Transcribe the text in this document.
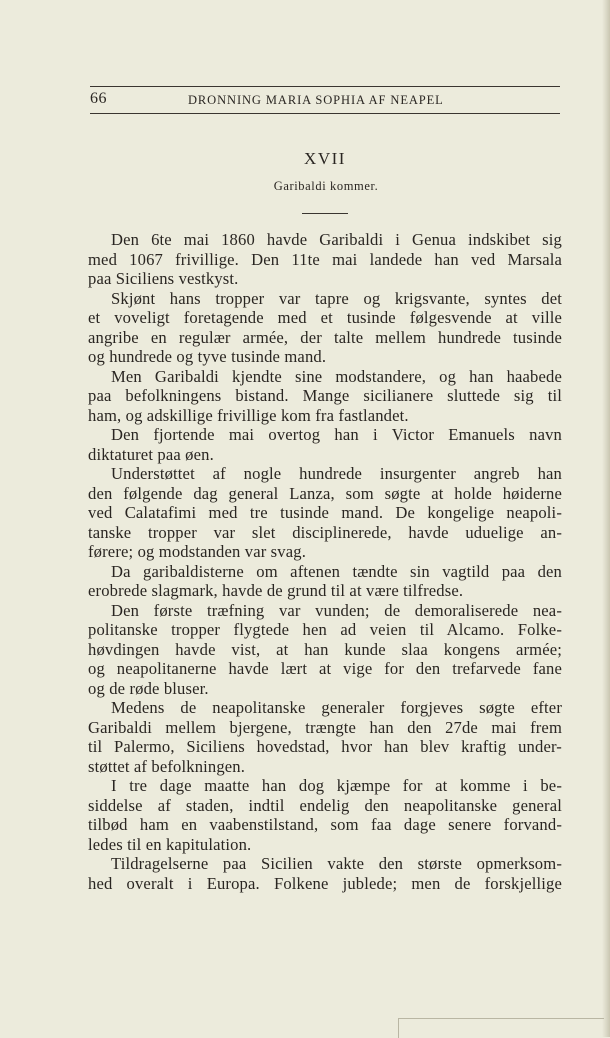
66	DRONNING MARIA SOPHIA AF NEAPEL
XVII
Garibaldi kommer.
Den 6te mai 1860 havde Garibaldi i Genua indskibet sig
med 1067 frivillige. Den 11te mai landede han ved Marsala
paa Siciliens vestkyst.
Skjønt hans tropper var tapre og krigsvante, syntes det
et voveligt foretagende med et tusinde følgesvende at ville
angribe en regulær armée, der talte mellem hundrede tusinde
og hundrede og tyve tusinde mand.
Men Garibaldi kjendte sine modstandere, og han haabede
paa befolkningens bistand. Mange sicilianere sluttede sig til
ham, og adskillige frivillige kom fra fastlandet.
Den fjortende mai overtog han i Victor Emanuels navn
diktaturet paa øen.
Understøttet af nogle hundrede insurgenter angreb han
den følgende dag general Lanza, som søgte at holde høiderne
ved Calatafimi med tre tusinde mand. De kongelige neapoli-
tanske tropper var slet disciplinerede, havde uduelige an-
førere; og modstanden var svag.
Da garibaldisterne om aftenen tændte sin vagtild paa den
erobrede slagmark, havde de grund til at være tilfredse.
Den første træfning var vunden; de demoraliserede nea-
politanske tropper flygtede hen ad veien til Alcamo. Folke-
høvdingen havde vist, at han kunde slaa kongens armée;
og neapolitanerne havde lært at vige for den trefarvede fane
og de røde bluser.
Medens de neapolitanske generaler forgjeves søgte efter
Garibaldi mellem bjergene, trængte han den 27de mai frem
til Palermo, Siciliens hovedstad, hvor han blev kraftig under-
støttet af befolkningen.
I tre dage maatte han dog kjæmpe for at komme i be-
siddelse af staden, indtil endelig den neapolitanske general
tilbød ham en vaabenstilstand, som faa dage senere forvand-
ledes til en kapitulation.
Tildragelserne paa Sicilien vakte den største opmerksom-
hed overalt i Europa. Folkene jublede; men de forskjellige
